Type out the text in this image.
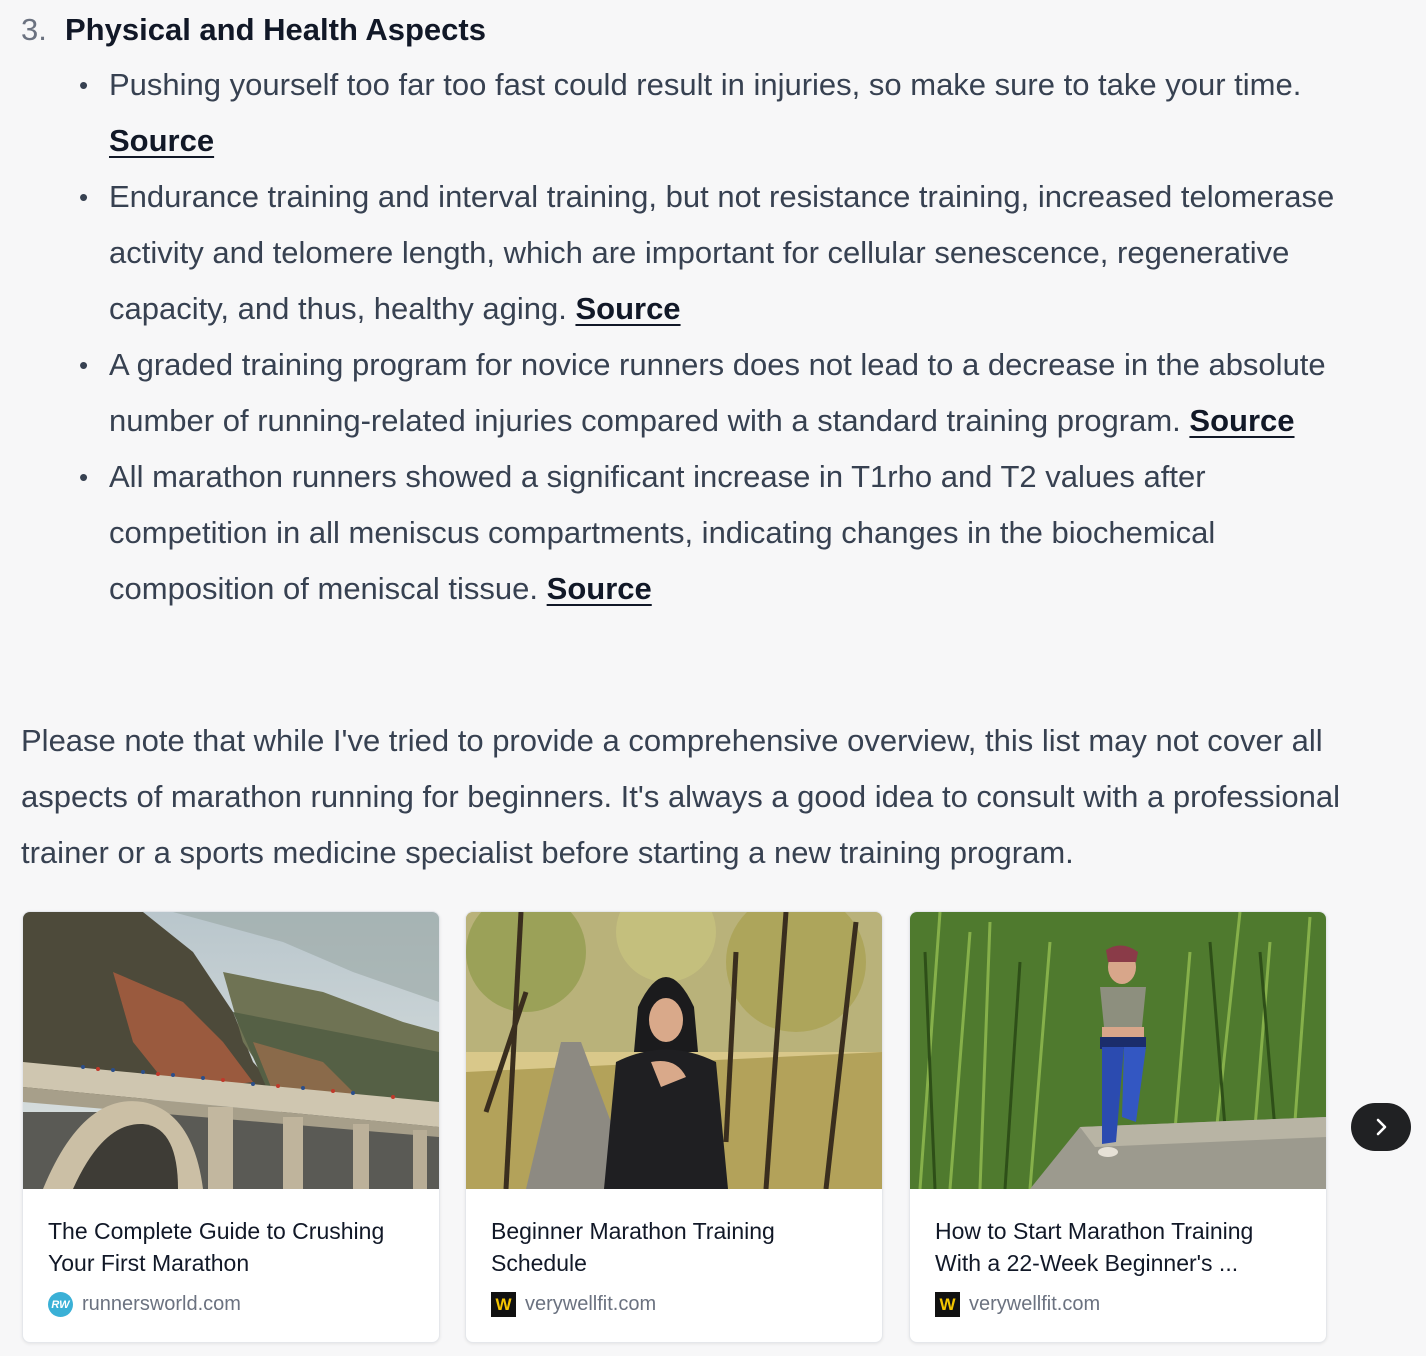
3. Physical and Health Aspects
• Pushing yourself too far too fast could result in injuries, so make sure to take your time. Source
• Endurance training and interval training, but not resistance training, increased telomerase activity and telomere length, which are important for cellular senescence, regenerative capacity, and thus, healthy aging. Source
• A graded training program for novice runners does not lead to a decrease in the absolute number of running-related injuries compared with a standard training program. Source
• All marathon runners showed a significant increase in T1rho and T2 values after competition in all meniscus compartments, indicating changes in the biochemical composition of meniscal tissue. Source
Please note that while I've tried to provide a comprehensive overview, this list may not cover all aspects of marathon running for beginners. It's always a good idea to consult with a professional trainer or a sports medicine specialist before starting a new training program.
The Complete Guide to Crushing Your First Marathon
RW runnersworld.com
Beginner Marathon Training Schedule
W verywellfit.com
How to Start Marathon Training With a 22-Week Beginner's ...
W verywellfit.com
